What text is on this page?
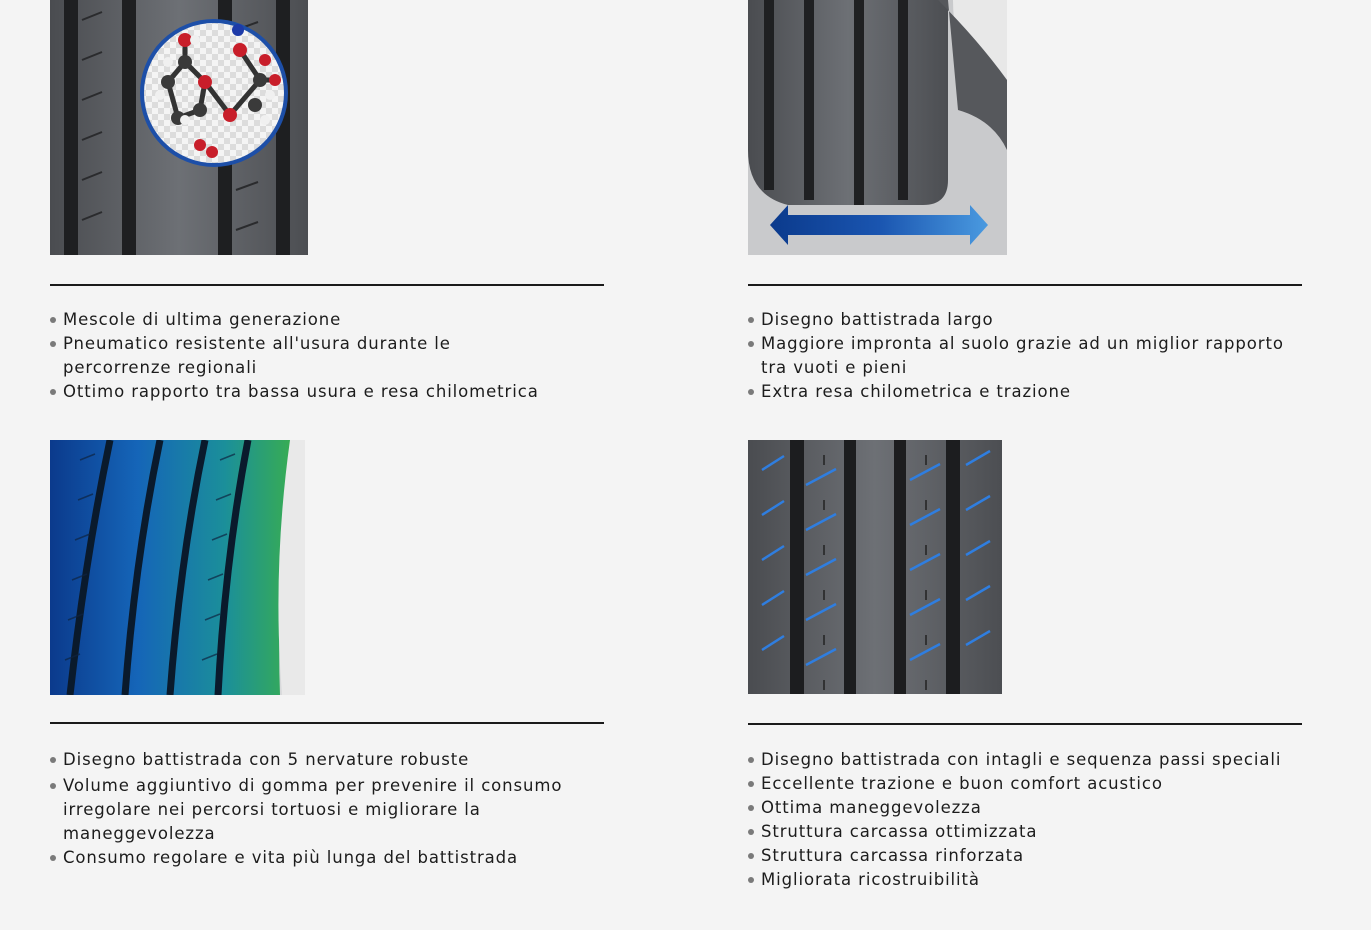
Mescole di ultima generazione
Pneumatico resistente all'usura durante le percorrenze regionali
Ottimo rapporto tra bassa usura e resa chilometrica
Disegno battistrada largo
Maggiore impronta al suolo grazie ad un miglior rapporto tra vuoti e pieni
Extra resa chilometrica e trazione
Disegno battistrada con 5 nervature robuste
Volume aggiuntivo di gomma per prevenire il consumo irregolare nei percorsi tortuosi e migliorare la maneggevolezza
Consumo regolare e vita più lunga del battistrada
Disegno battistrada con intagli e sequenza passi speciali
Eccellente trazione e buon comfort acustico
Ottima maneggevolezza
Struttura carcassa ottimizzata
Struttura carcassa rinforzata
Migliorata ricostruibilità
